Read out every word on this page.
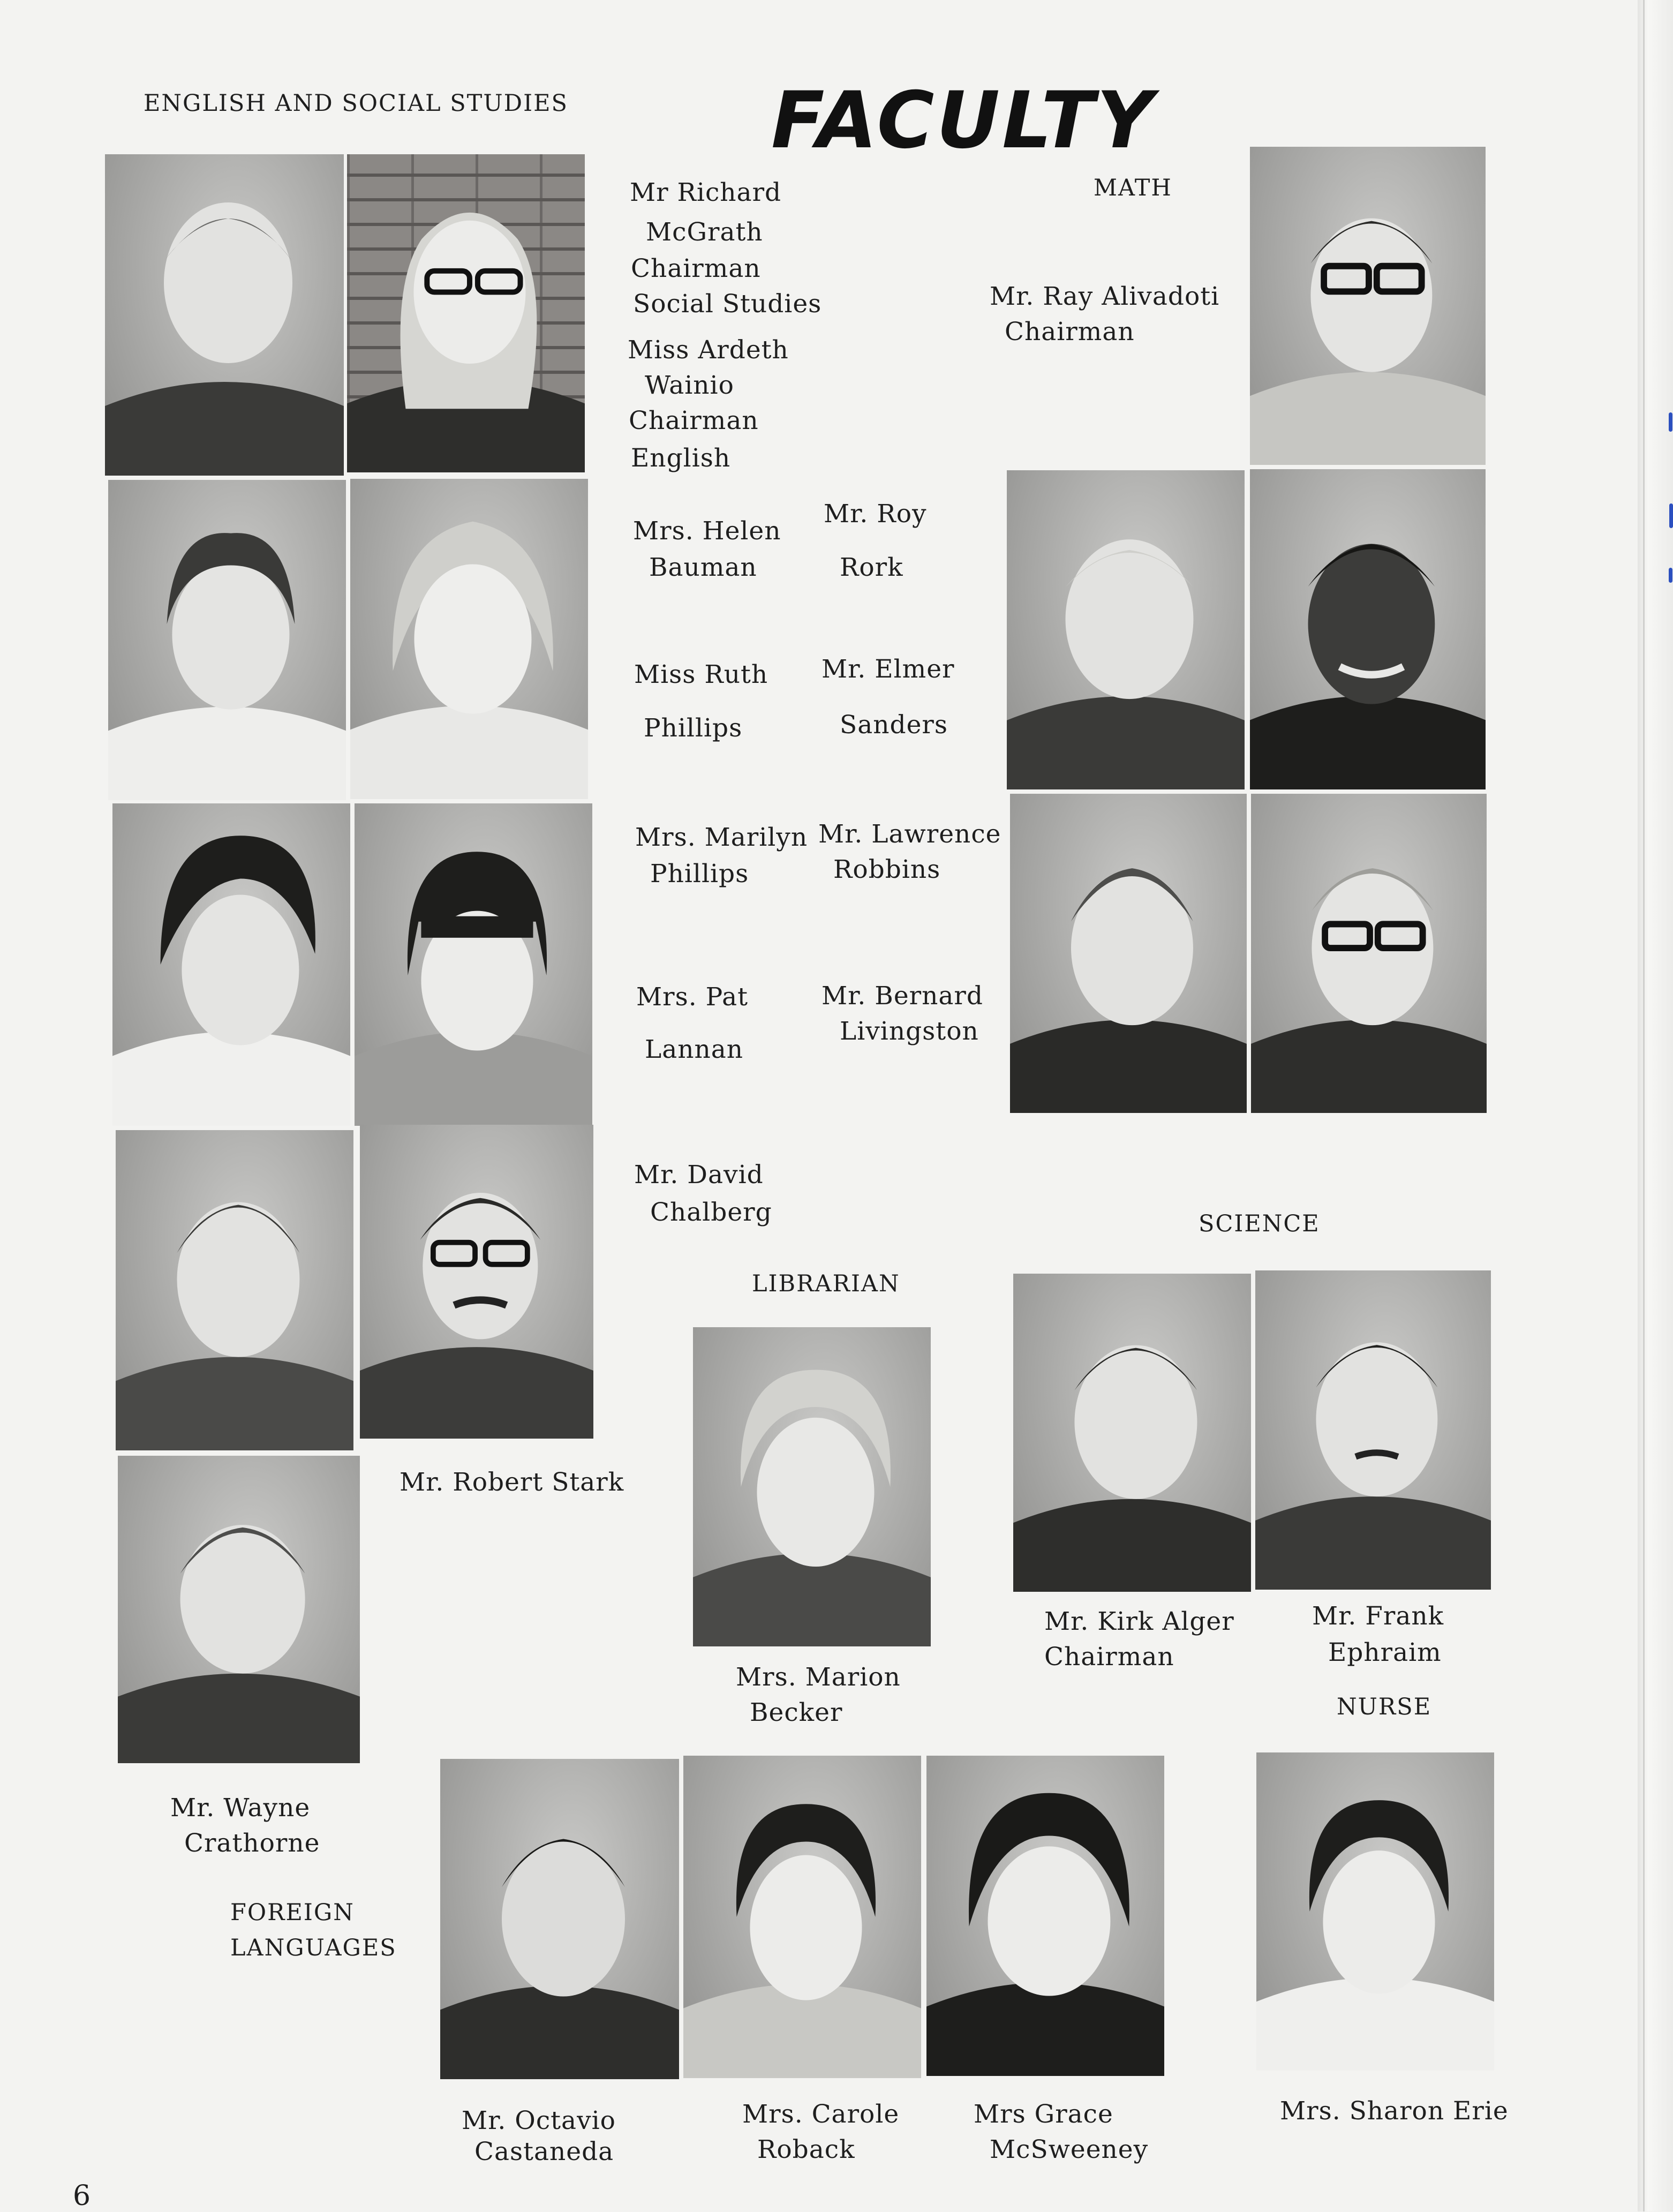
FACULTY
ENGLISH AND SOCIAL STUDIES
MATH
SCIENCE
LIBRARIAN
NURSE
FOREIGN
LANGUAGES
Mr Richard
McGrath
Chairman
Social Studies
Miss Ardeth
Wainio
Chairman
English
Mrs. Helen
Bauman
Mr. Roy
Rork
Miss Ruth
Phillips
Mr. Elmer
Sanders
Mrs. Marilyn
Phillips
Mr. Lawrence
Robbins
Mrs. Pat
Lannan
Mr. Bernard
Livingston
Mr. David
Chalberg
Mr. Ray Alivadoti
Chairman
Mr. Robert Stark
Mr. Wayne
Crathorne
Mrs. Marion
Becker
Mr. Kirk Alger
Chairman
Mr. Frank
Ephraim
Mr. Octavio
Castaneda
Mrs. Carole
Roback
Mrs Grace
McSweeney
Mrs. Sharon Erie
6
